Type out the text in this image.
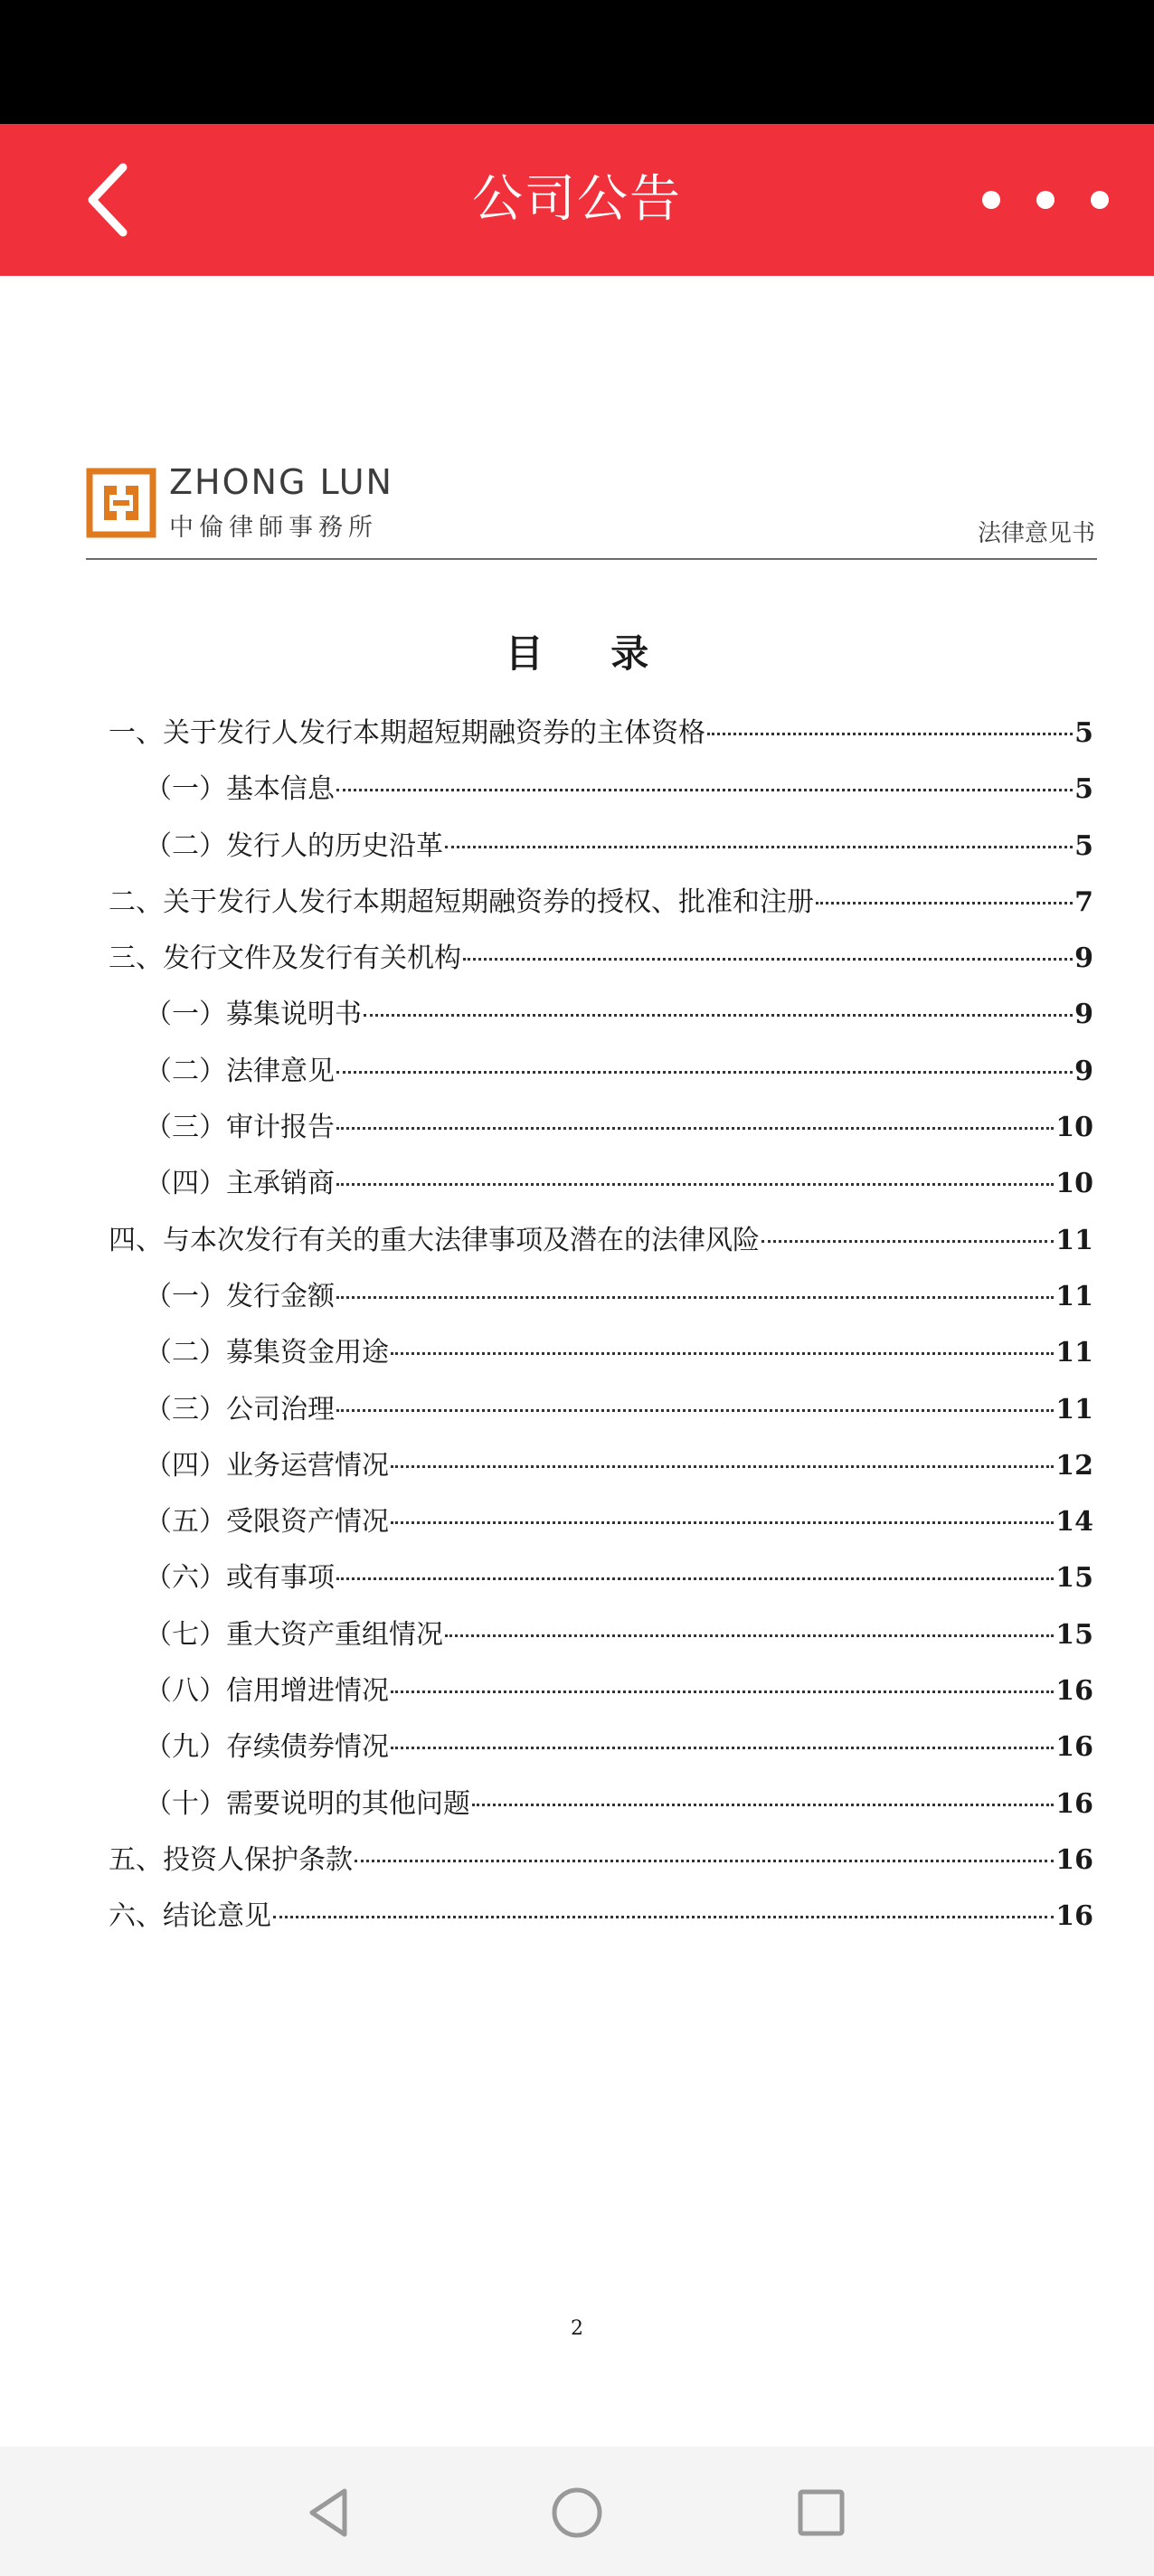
公司公告
ZHONG LUN
中倫律師事務所	法律意见书
目 录
一、关于发行人发行本期超短期融资券的主体资格	5
（一）基本信息	5
（二）发行人的历史沿革	5
二、关于发行人发行本期超短期融资券的授权、批准和注册	7
三、发行文件及发行有关机构	9
（一）募集说明书	9
（二）法律意见	9
（三）审计报告	10
（四）主承销商	10
四、与本次发行有关的重大法律事项及潜在的法律风险	11
（一）发行金额	11
（二）募集资金用途	11
（三）公司治理	11
（四）业务运营情况	12
（五）受限资产情况	14
（六）或有事项	15
（七）重大资产重组情况	15
（八）信用增进情况	16
（九）存续债券情况	16
（十）需要说明的其他问题	16
五、投资人保护条款	16
六、结论意见	16
2
